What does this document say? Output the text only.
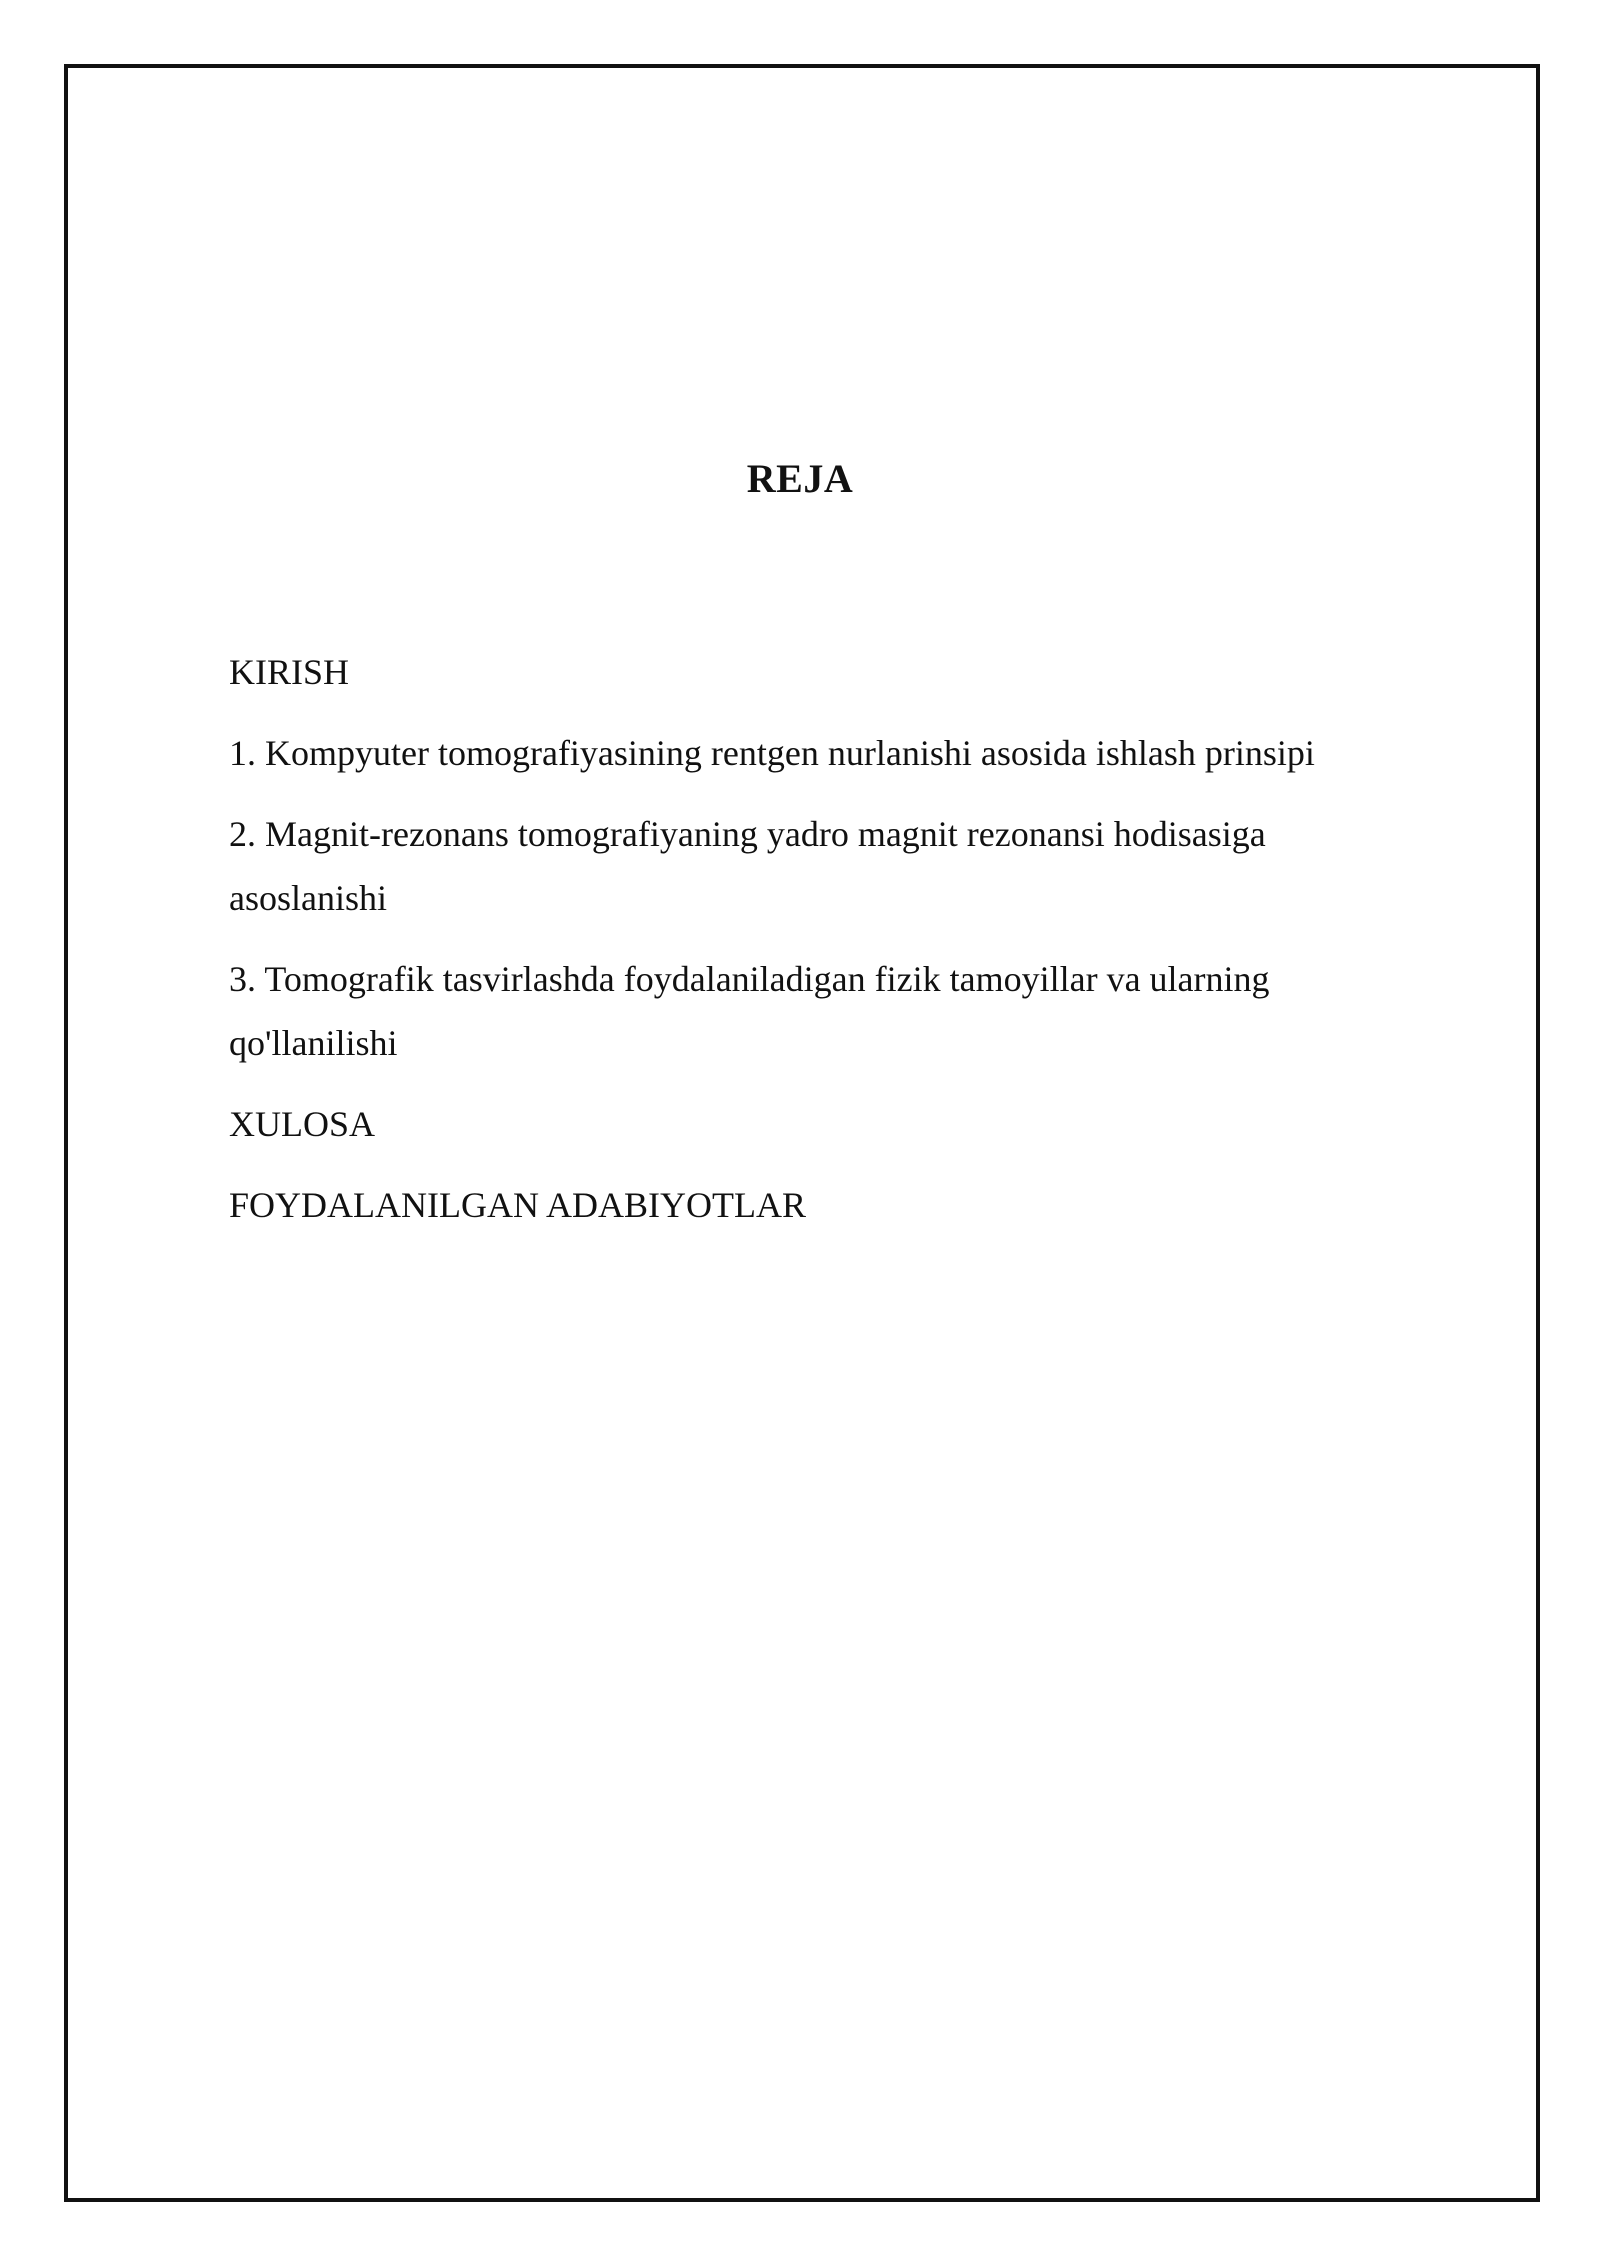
REJA
KIRISH
1. Kompyuter tomografiyasining rentgen nurlanishi asosida ishlash prinsipi
2. Magnit-rezonans tomografiyaning yadro magnit rezonansi hodisasiga asoslanishi
3. Tomografik tasvirlashda foydalaniladigan fizik tamoyillar va ularning qo'llanilishi
XULOSA
FOYDALANILGAN ADABIYOTLAR
